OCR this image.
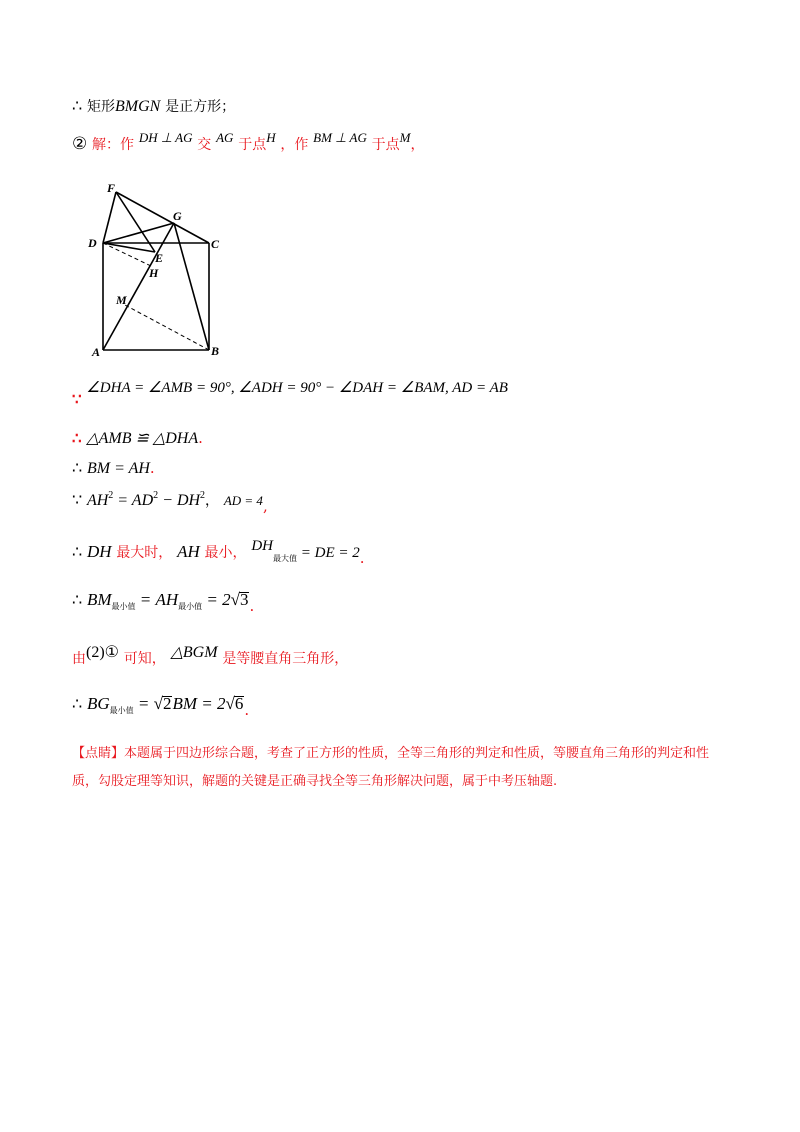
∴ 矩形BMGN 是正方形；
② 解：作 DH ⊥ AG 交 AG 于点H ，作 BM ⊥ AG 于点M，
F
G
D	C
E
H
M
A	B
∵ ∠DHA = ∠AMB = 90°, ∠ADH = 90° − ∠DAH = ∠BAM, AD = AB
∴ △AMB ≌ △DHA.
∴ BM = AH.
∵ $AH^2 = AD^2 - DH^2$， AD = 4,
∴ DH 最大时， AH 最小， $DH_{最大值}$ = DE = 2.
∴ $BM_{最小值} = AH_{最小值} = 2√3$.
由(2)① 可知， △BGM 是等腰直角三角形，
∴ $BG_{最小值} = √2BM = 2√6$.
【点睛】本题属于四边形综合题，考查了正方形的性质，全等三角形的判定和性质，等腰直角三角形的判定和性质，勾股定理等知识，解题的关键是正确寻找全等三角形解决问题，属于中考压轴题.
